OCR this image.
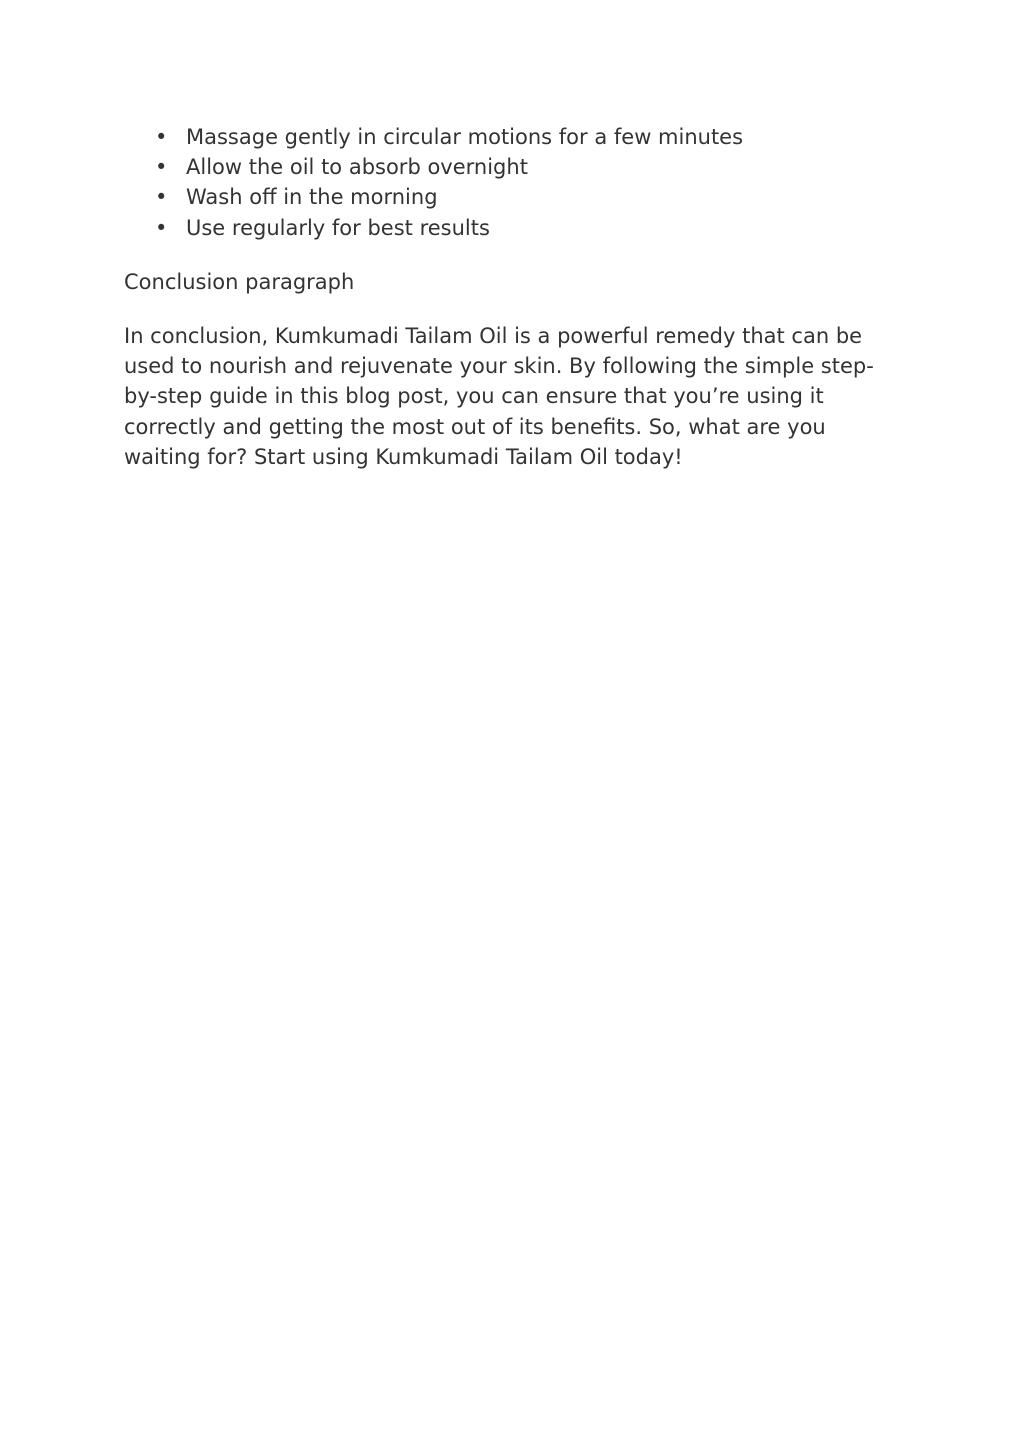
• Massage gently in circular motions for a few minutes
• Allow the oil to absorb overnight
• Wash off in the morning
• Use regularly for best results

Conclusion paragraph

In conclusion, Kumkumadi Tailam Oil is a powerful remedy that can be used to nourish and rejuvenate your skin. By following the simple step-by-step guide in this blog post, you can ensure that you’re using it correctly and getting the most out of its benefits. So, what are you waiting for? Start using Kumkumadi Tailam Oil today!
